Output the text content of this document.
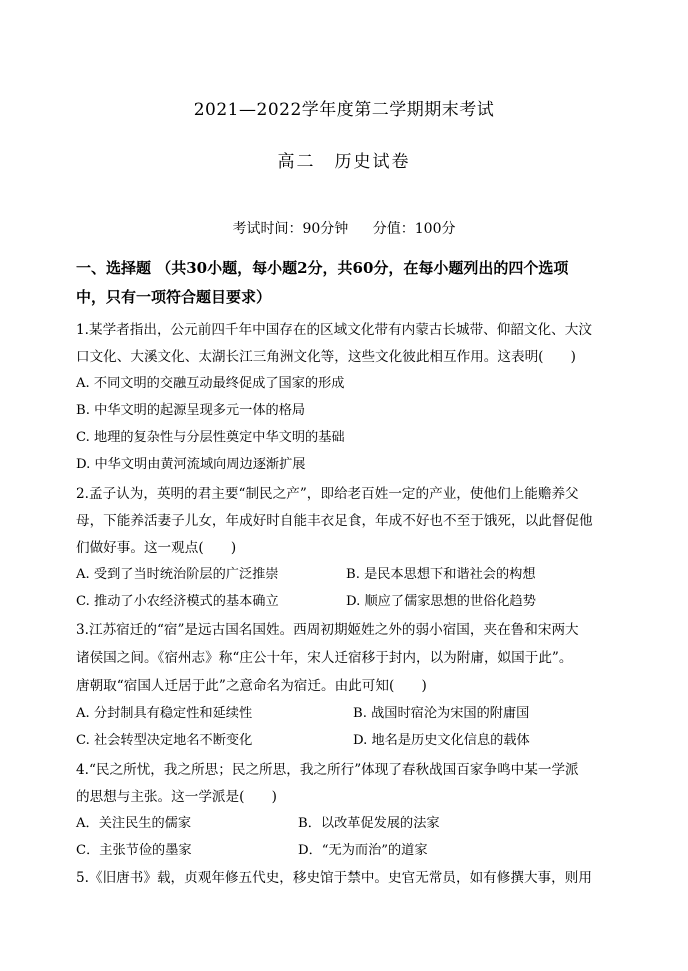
2021—2022学年度第二学期期末考试
高二　历史试卷
考试时间：90分钟 分值：100分
一、选择题 （共30小题，每小题2分，共60分，在每小题列出的四个选项
中，只有一项符合题目要求）
1.某学者指出，公元前四千年中国存在的区域文化带有内蒙古长城带、仰韶文化、大汶
口文化、大溪文化、太湖长江三角洲文化等，这些文化彼此相互作用。这表明(　　)
A. 不同文明的交融互动最终促成了国家的形成
B. 中华文明的起源呈现多元一体的格局
C. 地理的复杂性与分层性奠定中华文明的基础
D. 中华文明由黄河流域向周边逐渐扩展
2.孟子认为，英明的君主要“制民之产”，即给老百姓一定的产业，使他们上能赡养父
母，下能养活妻子儿女，年成好时自能丰衣足食，年成不好也不至于饿死，以此督促他
们做好事。这一观点(　　)
A. 受到了当时统治阶层的广泛推崇	B. 是民本思想下和谐社会的构想
C. 推动了小农经济模式的基本确立	D. 顺应了儒家思想的世俗化趋势
3.江苏宿迁的“宿”是远古国名国姓。西周初期姬姓之外的弱小宿国，夹在鲁和宋两大
诸侯国之间。《宿州志》称“庄公十年，宋人迁宿移于封内，以为附庸，姒国于此”。
唐朝取“宿国人迁居于此”之意命名为宿迁。由此可知(　　)
A. 分封制具有稳定性和延续性	B. 战国时宿沦为宋国的附庸国
C. 社会转型决定地名不断变化	D. 地名是历史文化信息的载体
4.“民之所忧，我之所思；民之所思，我之所行”体现了春秋战国百家争鸣中某一学派
的思想与主张。这一学派是(　　)
A．关注民生的儒家	B．以改革促发展的法家
C．主张节俭的墨家	D．“无为而治”的道家
5.《旧唐书》载，贞观年修五代史，移史馆于禁中。史官无常员，如有修撰大事，则用
